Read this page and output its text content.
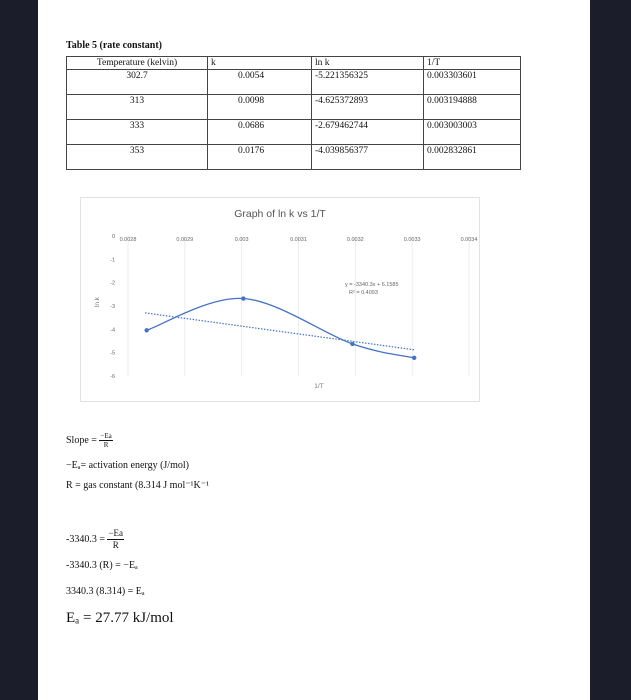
Table 5 (rate constant)
Temperature (kelvin)	k	ln k	1/T
302.7	0.0054	-5.221356325	0.003303601
313	0.0098	-4.625372893	0.003194888
333	0.0686	-2.679462744	0.003003003
353	0.0176	-4.039856377	0.002832861
Graph of ln k vs 1/T
ln k
1/T
0.0028	0.0029	0.003	0.0031	0.0032	0.0033	0.0034
0
-1
-2
-3
-4
-5
-6
y = -3340.3x + 6.1585
R² = 0.4093
Slope = $\frac{-Ea}{R}$
−Eₐ= activation energy (J/mol)
R = gas constant (8.314 J mol⁻¹K⁻¹
$-3340.3 = \frac{-Ea}{R}$
-3340.3 (R) = −Eₐ
3340.3 (8.314) = Eₐ
Eₐ = 27.77 kJ/mol
